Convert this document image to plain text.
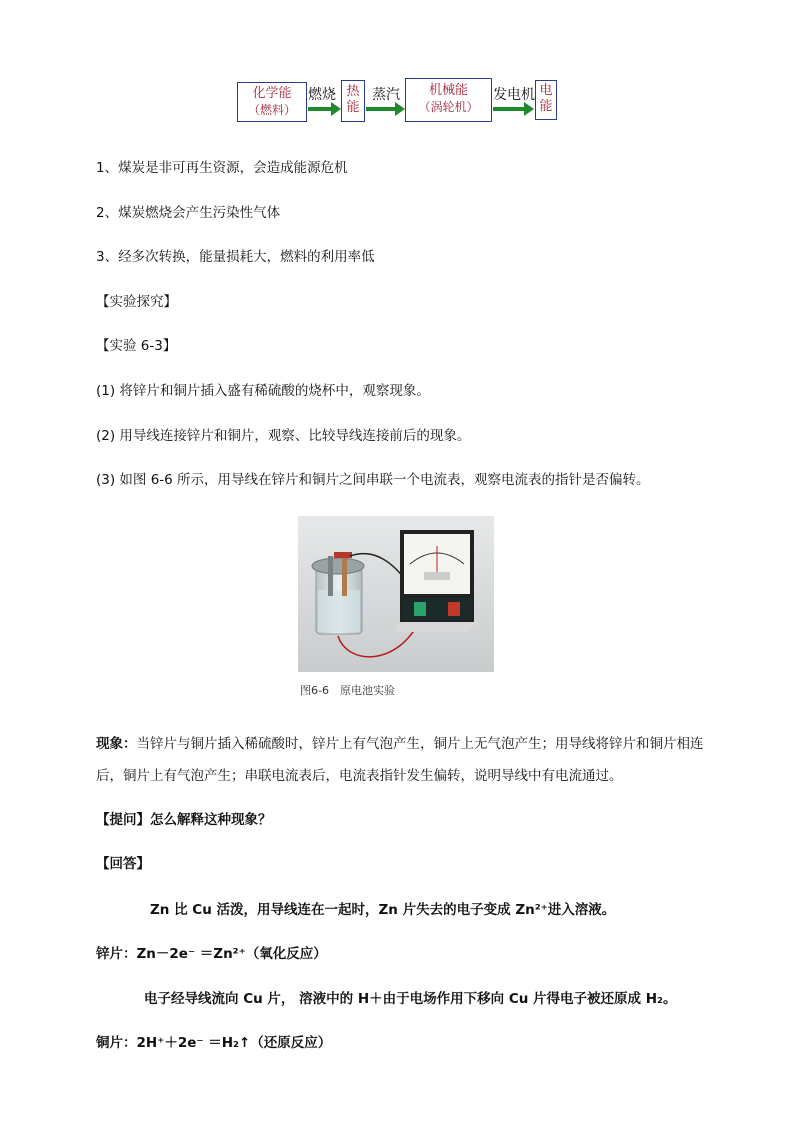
化学能
（燃料）
燃烧 热
能
蒸汽	机械能
（涡轮机）
发电机 电
能
1、煤炭是非可再生资源，会造成能源危机
2、煤炭燃烧会产生污染性气体
3、经多次转换，能量损耗大，燃料的利用率低
【实验探究】
【实验 6-3】
(1) 将锌片和铜片插入盛有稀硫酸的烧杯中，观察现象。
(2) 用导线连接锌片和铜片，观察、比较导线连接前后的现象。
(3) 如图 6-6 所示，用导线在锌片和铜片之间串联一个电流表，观察电流表的指针是否偏转。
图6-6　原电池实验
现象：当锌片与铜片插入稀硫酸时，锌片上有气泡产生，铜片上无气泡产生；用导线将锌片和铜片相连后，铜片上有气泡产生；串联电流表后，电流表指针发生偏转，说明导线中有电流通过。
【提问】怎么解释这种现象？
【回答】
Zn 比 Cu 活泼，用导线连在一起时，Zn 片失去的电子变成 Zn²⁺进入溶液。
锌片：Zn－2e⁻ ＝Zn²⁺（氧化反应）
电子经导线流向 Cu 片， 溶液中的 H＋由于电场作用下移向 Cu 片得电子被还原成 H₂。
铜片：2H⁺＋2e⁻ ＝H₂↑（还原反应）
